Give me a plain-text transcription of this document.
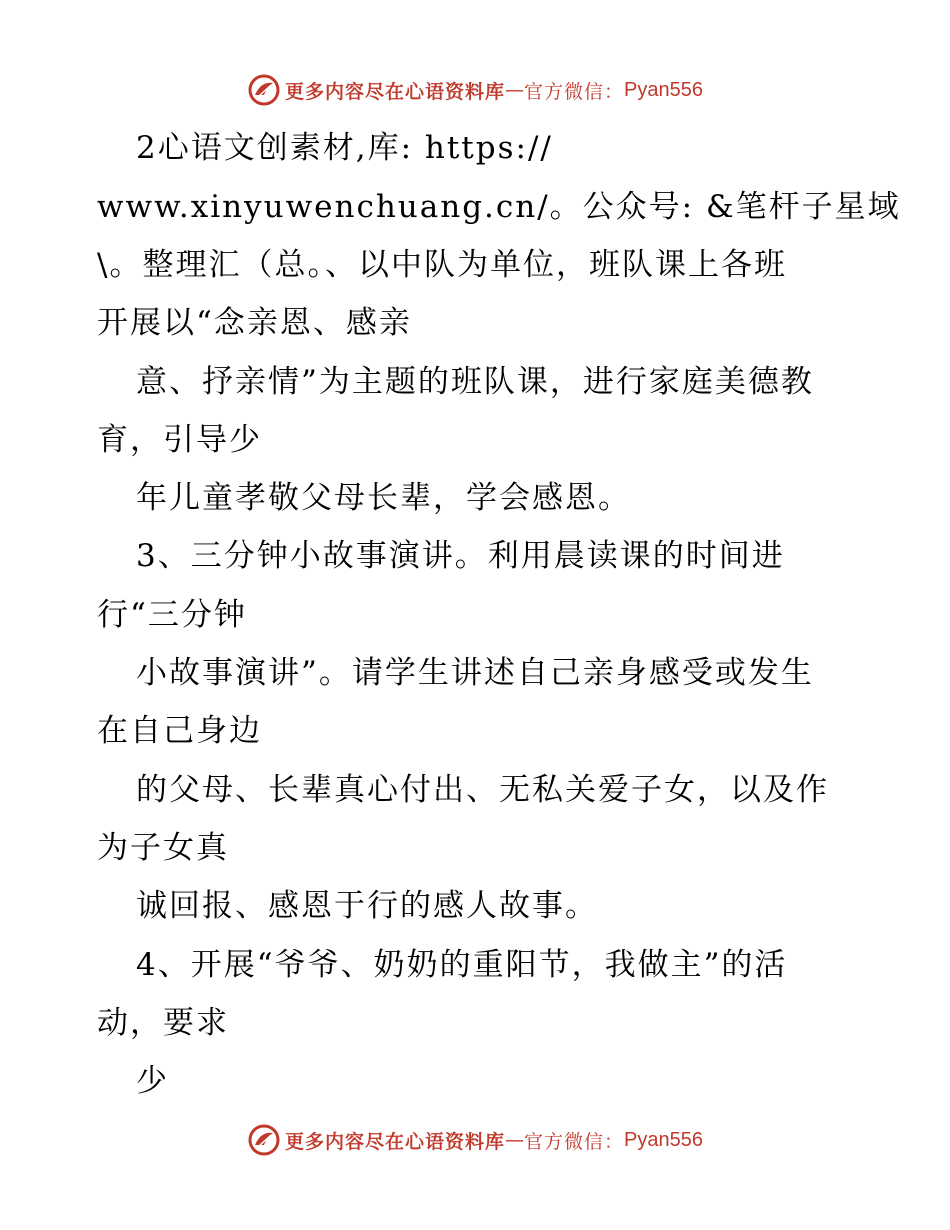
更多内容尽在心语资料库 — 官方微信： Pyan556
2心语文创素材,库: https://
www.xinyuwenchuang.cn/。公众号: &笔杆子星域
\。整理汇（总。、以中队为单位，班队课上各班
开展以“念亲恩、感亲
意、抒亲情”为主题的班队课，进行家庭美德教
育，引导少
年儿童孝敬父母长辈，学会感恩。
3、三分钟小故事演讲。利用晨读课的时间进
行“三分钟
小故事演讲”。请学生讲述自己亲身感受或发生
在自己身边
的父母、长辈真心付出、无私关爱子女，以及作
为子女真
诚回报、感恩于行的感人故事。
4、开展“爷爷、奶奶的重阳节，我做主”的活
动，要求
少
更多内容尽在心语资料库 — 官方微信： Pyan556
